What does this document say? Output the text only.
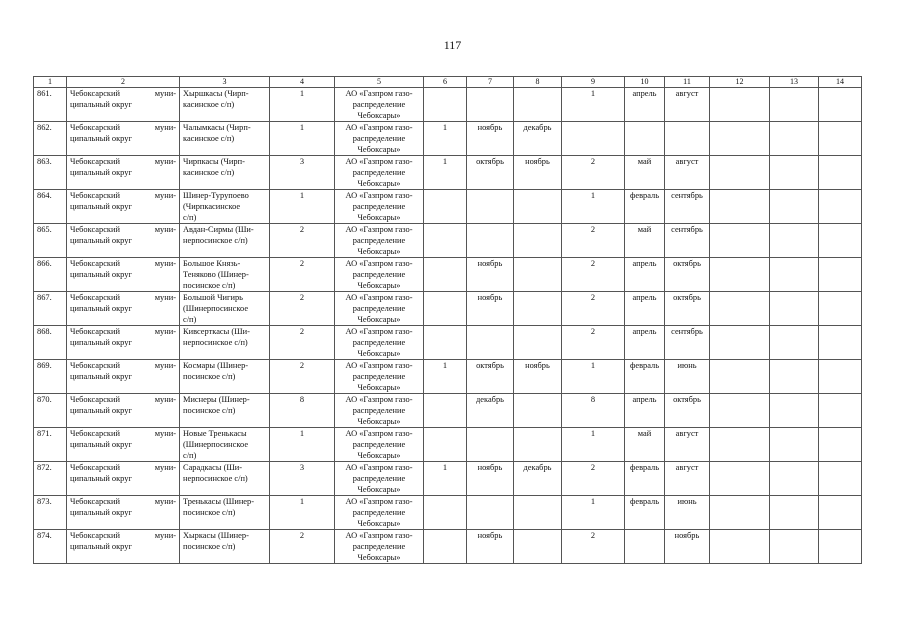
117
1	2	3	4	5	6	7	8	9	10	11	12	13	14
861.	Чебоксарский муни-
ципальный округ	Хыршкасы (Чирп-
касинское с/п)	1	АО «Газпром газо-
распределение
Чебоксары»				1	апрель	август			
862.	Чебоксарский муни-
ципальный округ	Чалымкасы (Чирп-
касинское с/п)	1	АО «Газпром газо-
распределение
Чебоксары»	1	ноябрь	декабрь						
863.	Чебоксарский муни-
ципальный округ	Чирпкасы (Чирп-
касинское с/п)	3	АО «Газпром газо-
распределение
Чебоксары»	1	октябрь	ноябрь	2	май	август			
864.	Чебоксарский муни-
ципальный округ	Шинер-Турупоево
(Чирпкасинское
с/п)	1	АО «Газпром газо-
распределение
Чебоксары»				1	февраль	сентябрь			
865.	Чебоксарский муни-
ципальный округ	Авдан-Сирмы (Ши-
нерпосинское с/п)	2	АО «Газпром газо-
распределение
Чебоксары»				2	май	сентябрь			
866.	Чебоксарский муни-
ципальный округ	Большое Князь-
Теняково (Шинер-
посинское с/п)	2	АО «Газпром газо-
распределение
Чебоксары»		ноябрь		2	апрель	октябрь			
867.	Чебоксарский муни-
ципальный округ	Большой Чигирь
(Шинерпосинское
с/п)	2	АО «Газпром газо-
распределение
Чебоксары»		ноябрь		2	апрель	октябрь			
868.	Чебоксарский муни-
ципальный округ	Кивсерткасы (Ши-
нерпосинское с/п)	2	АО «Газпром газо-
распределение
Чебоксары»				2	апрель	сентябрь			
869.	Чебоксарский муни-
ципальный округ	Космары (Шинер-
посинское с/п)	2	АО «Газпром газо-
распределение
Чебоксары»	1	октябрь	ноябрь	1	февраль	июнь			
870.	Чебоксарский муни-
ципальный округ	Миснеры (Шинер-
посинское с/п)	8	АО «Газпром газо-
распределение
Чебоксары»		декабрь		8	апрель	октябрь			
871.	Чебоксарский муни-
ципальный округ	Новые Тренькасы
(Шинерпосинское
с/п)	1	АО «Газпром газо-
распределение
Чебоксары»				1	май	август			
872.	Чебоксарский муни-
ципальный округ	Сарадкасы (Ши-
нерпосинское с/п)	3	АО «Газпром газо-
распределение
Чебоксары»	1	ноябрь	декабрь	2	февраль	август			
873.	Чебоксарский муни-
ципальный округ	Тренькасы (Шинер-
посинское с/п)	1	АО «Газпром газо-
распределение
Чебоксары»				1	февраль	июнь			
874.	Чебоксарский муни-
ципальный округ	Хыркасы (Шинер-
посинское с/п)	2	АО «Газпром газо-
распределение
Чебоксары»		ноябрь		2		ноябрь			
